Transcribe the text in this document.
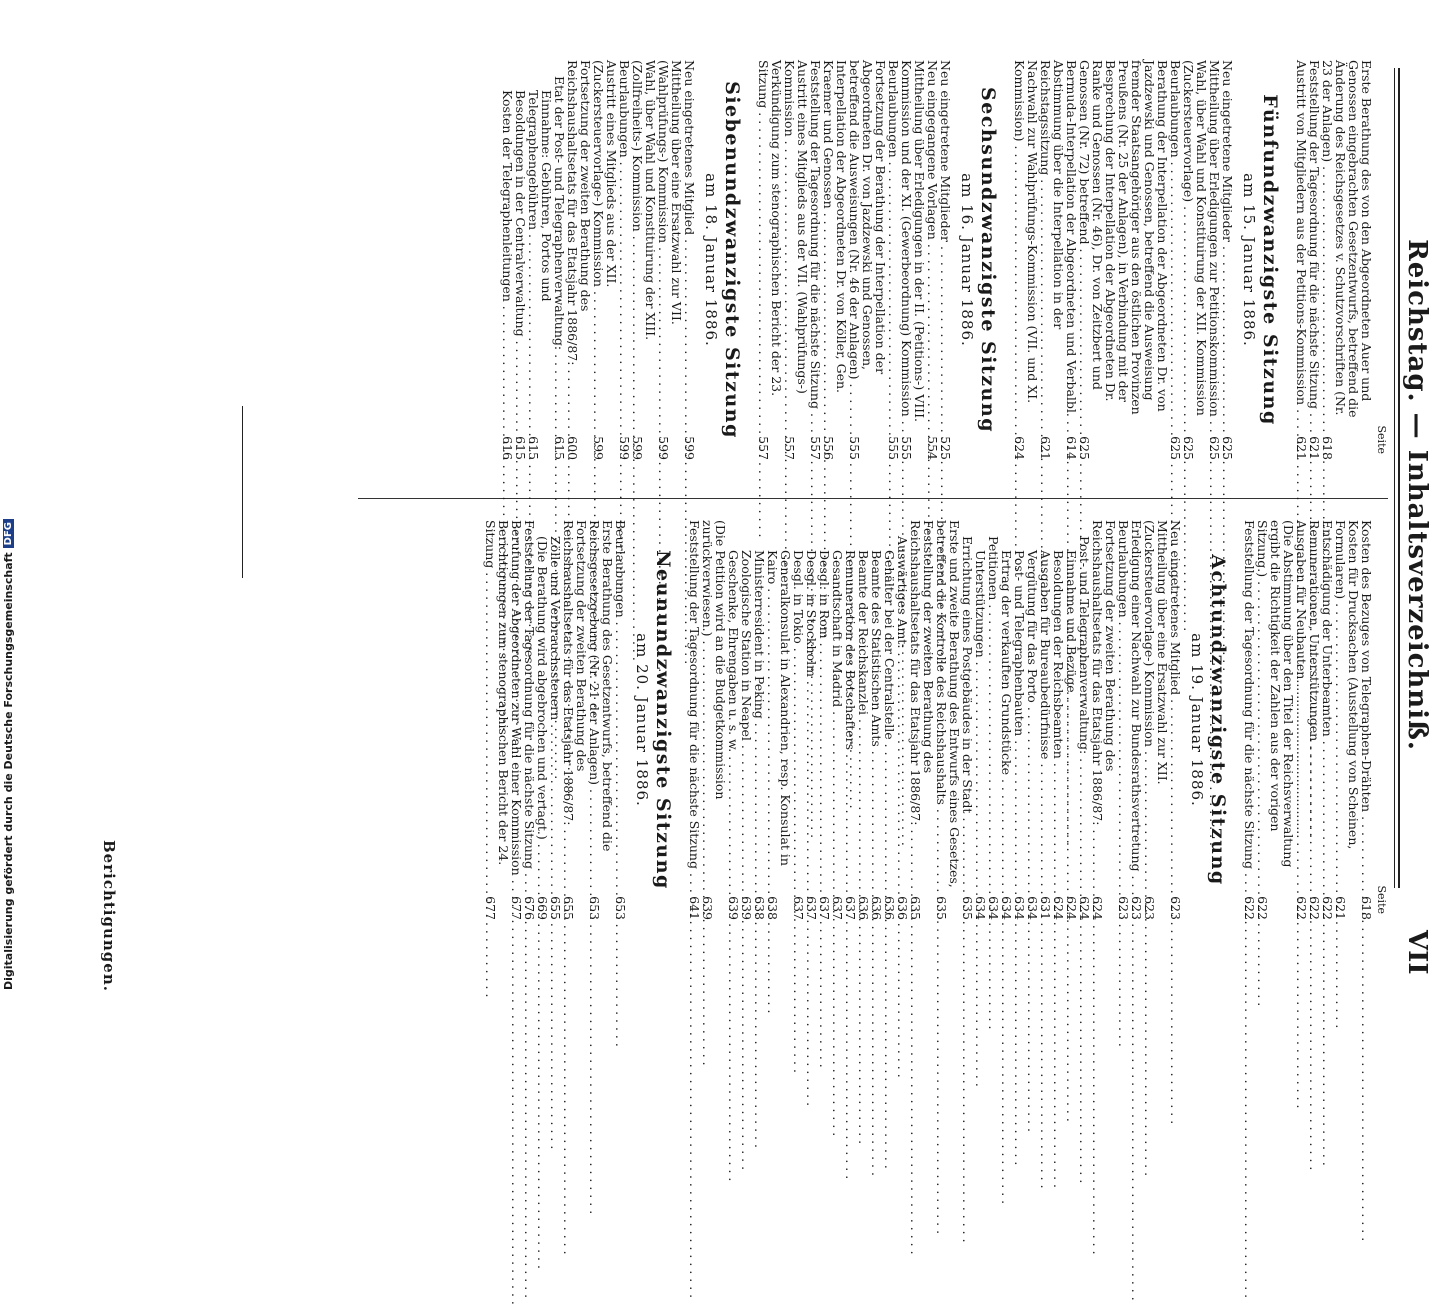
Reichstag. — Inhaltsverzeichniß.
VII
Seite
Erste Berathung des von den Abgeordneten Auer und Genossen eingebrachten Gesetzentwurfs, betreffend die Änderung des Reichsgesetzes v. Schutzvorschriften (Nr. 23 der Anlagen) . . .
618
Feststellung der Tagesordnung für die nächste Sitzung . . .
621
Austritt von Mitgliedern aus der Petitions-Kommission . . .
621
Fünfundzwanzigste Sitzung
am 15. Januar 1886.
Neu eingetretene Mitglieder . . .
625
Mittheilung über Erledigungen zur Petitionskommission . . .
625
Wahl, über Wahl und Konstituirung der XII. Kommission (Zuckersteuervorlage) . . .
625
Beurlaubungen . . .
625
Berathung der Interpellation der Abgeordneten Dr. von Jazdzewski und Genossen, betreffend die Ausweisung fremder Staatsangehöriger aus den östlichen Provinzen Preußens (Nr. 25 der Anlagen), in Verbindung mit der Besprechung der Interpellation der Abgeordneten Dr. Ranke und Genossen (Nr. 46), Dr. von Zeitzbert und Genossen (Nr. 72) betreffend . . .
625
Bermuda-Interpellation der Abgeordneten und Verbalbl. . . .
614
Abstimmung über die Interpellation in der Reichstagssitzung . . .
621
Nachwahl zur Wahlprüfungs-Kommission (VII. und XI. Kommission) . . .
624
Sechsundzwanzigste Sitzung
am 16. Januar 1886.
Neu eingetretene Mitglieder . . .
525
Neu eingegangene Vorlagen . . .
554
Mittheilung über Erledigungen in der II. (Petitions-) VIII. Kommission und der XI. (Gewerbeordnung) Kommission . . .
555
Beurlaubungen . . .
555
Fortsetzung der Berathung der Interpellation der Abgeordneten Dr. von Jazdzewski und Genossen, betreffend die Ausweisungen (Nr. 46 der Anlagen) . . .
555
Interpellation der Abgeordneten Dr. von Köller, Gen. Kraemer und Genossen . . .
556
Feststellung der Tagesordnung für die nächste Sitzung . . .
557
Austritt eines Mitglieds aus der VII. (Wahlprüfungs-) Kommission . . .
557
Verkündigung zum stenographischen Bericht der 23. Sitzung . . .
557
Siebenundzwanzigste Sitzung
am 18. Januar 1886.
Neu eingetretenes Mitglied . . .
599
Mittheilung über eine Ersatzwahl zur VII. (Wahlprüfungs-) Kommission . . .
599
Wahl, über Wahl und Konstituirung der XIII. (Zollfreiheits-) Kommission . . .
599
Beurlaubungen . . .
599
Austritt eines Mitglieds aus der XII. (Zuckersteuervorlage-) Kommission . . .
599
Fortsetzung der zweiten Berathung des Reichshaushaltsetats für das Etatsjahr 1886/87: . . .
600
Etat der Post- und Telegraphenverwaltung: . . .
615
Einnahme: Gebühren, Portos und Telegraphengebühren . . .
615
Besoldungen in der Centralverwaltung . . .
615
Kosten der Telegraphenleitungen . . .
616
Seite
Kosten des Bezuges von Telegraphen-Drähten . . .
618
Kosten für Drucksachen (Ausstellung von Scheinen, Formularen) . . .
621
Entschädigung der Unterbeamten . . .
622
Remunerationen, Unterstützungen . . .
622
Ausgaben für Neubauten . . .
622
(Die Abstimmung über den Titel der Reichsverwaltung ergibt die Richtigkeit der Zahlen aus der vorigen Sitzung.) . . .
622
Feststellung der Tagesordnung für die nächste Sitzung . . .
622
Achtundzwanzigste Sitzung
am 19. Januar 1886.
Neu eingetretenes Mitglied . . .
623
Mittheilung über eine Ersatzwahl zur XII. (Zuckersteuervorlage-) Kommission . . .
623
Erledigung einer Nachwahl zur Bundesrathsvertretung . . .
623
Beurlaubungen . . .
623
Fortsetzung der zweiten Berathung des Reichshaushaltsetats für das Etatsjahr 1886/87: . . .
624
Post- und Telegraphenverwaltung: . . .
624
Einnahme und Bezüge . . .
624
Besoldungen der Reichsbeamten . . .
624
Ausgaben für Bureaubedürfnisse . . .
631
Vergütung für das Porto . . .
634
Post- und Telegraphenbauten . . .
634
Ertrag der verkauften Grundstücke . . .
634
Petitionen . . .
634
Unterstützungen . . .
634
Errichtung eines Postgebäudes in der Stadt . . .
635
Erste und zweite Berathung des Entwurfs eines Gesetzes, betreffend die Kontrolle des Reichshaushalts . . .
635
Feststellung der zweiten Berathung des Reichshaushaltsetats für das Etatsjahr 1886/87: . . .
635
Auswärtiges Amt: . . .
636
Gehälter bei der Centralstelle . . .
636
Beamte des Statistischen Amts . . .
636
Beamte der Reichskanzlei . . .
636
Remuneration des Botschafters . . .
637
Gesandtschaft in Madrid . . .
637
Desgl. in Rom . . .
637
Desgl. in Stockholm . . .
637
Desgl. in Tokio . . .
637
Generalkonsulat in Alexandrien, resp. Konsulat in Kairo . . .
638
Ministerresident in Peking . . .
638
Zoologische Station in Neapel . . .
639
Geschenke, Ehrengaben u. s. w. . . .
639
(Die Petition wird an die Budgetkommission zurückverwiesen.) . . .
639
Feststellung der Tagesordnung für die nächste Sitzung . . .
641
Neunundzwanzigste Sitzung
am 20. Januar 1886.
Beurlaubungen . . .
653
Erste Berathung des Gesetzentwurfs, betreffend die Reichsgesetzgebung (Nr. 21 der Anlagen) . . .
653
Fortsetzung der zweiten Berathung des Reichshaushaltsetats für das Etatsjahr 1886/87: . . .
655
Zölle und Verbrauchssteuern . . .
655
(Die Berathung wird abgebrochen und vertagt.) . . .
669
Feststellung der Tagesordnung für die nächste Sitzung . . .
676
Berufung der Abgeordneten zur Wahl einer Kommission . . .
677
Berichtigungen zum stenographischen Bericht der 24. Sitzung . . .
677
Berichtigungen.
Digitalisierung gefördert durch die Deutsche Forschungsgemeinschaft
DFG
